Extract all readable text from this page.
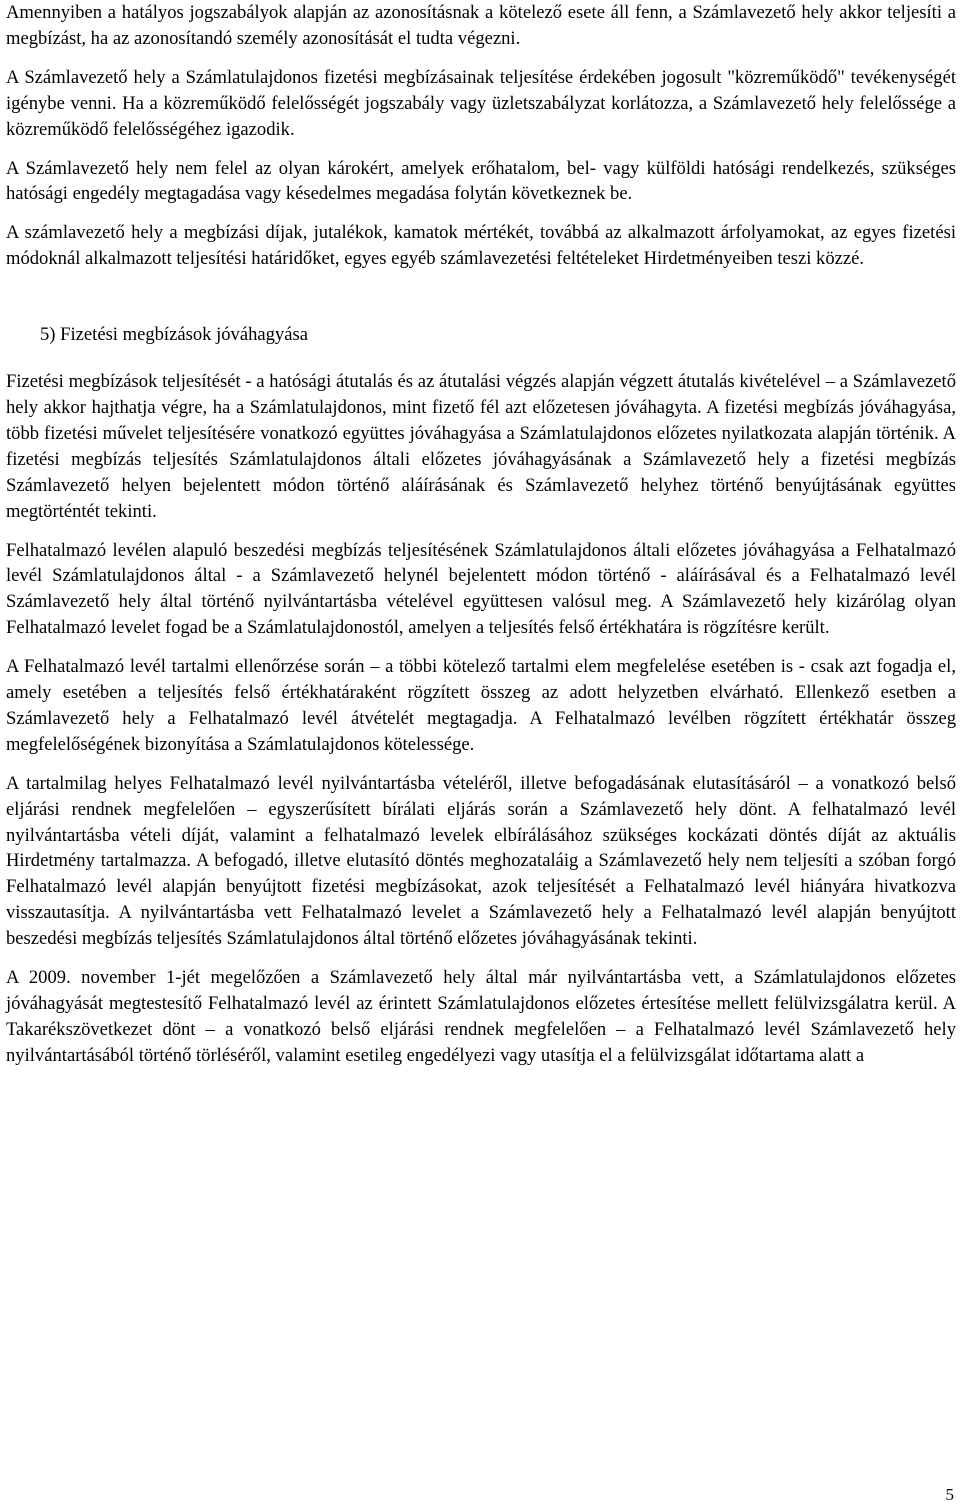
Amennyiben a hatályos jogszabályok alapján az azonosításnak a kötelező esete áll fenn, a Számlavezető hely akkor teljesíti a megbízást, ha az azonosítandó személy azonosítását el tudta végezni.

A Számlavezető hely a Számlatulajdonos fizetési megbízásainak teljesítése érdekében jogosult "közreműködő" tevékenységét igénybe venni. Ha a közreműködő felelősségét jogszabály vagy üzletszabályzat korlátozza, a Számlavezető hely felelőssége a közreműködő felelősségéhez igazodik.

A Számlavezető hely nem felel az olyan károkért, amelyek erőhatalom, bel- vagy külföldi hatósági rendelkezés, szükséges hatósági engedély megtagadása vagy késedelmes megadása folytán következnek be.

A számlavezető hely a megbízási díjak, jutalékok, kamatok mértékét, továbbá az alkalmazott árfolyamokat, az egyes fizetési módoknál alkalmazott teljesítési határidőket, egyes egyéb számlavezetési feltételeket Hirdetményeiben teszi közzé.

5) Fizetési megbízások jóváhagyása

Fizetési megbízások teljesítését - a hatósági átutalás és az átutalási végzés alapján végzett átutalás kivételével – a Számlavezető hely akkor hajthatja végre, ha a Számlatulajdonos, mint fizető fél azt előzetesen jóváhagyta. A fizetési megbízás jóváhagyása, több fizetési művelet teljesítésére vonatkozó együttes jóváhagyása a Számlatulajdonos előzetes nyilatkozata alapján történik. A fizetési megbízás teljesítés Számlatulajdonos általi előzetes jóváhagyásának a Számlavezető hely a fizetési megbízás Számlavezető helyen bejelentett módon történő aláírásának és Számlavezető helyhez történő benyújtásának együttes megtörténtét tekinti.

Felhatalmazó levélen alapuló beszedési megbízás teljesítésének Számlatulajdonos általi előzetes jóváhagyása a Felhatalmazó levél Számlatulajdonos által - a Számlavezető helynél bejelentett módon történő - aláírásával és a Felhatalmazó levél Számlavezető hely által történő nyilvántartásba vételével együttesen valósul meg. A Számlavezető hely kizárólag olyan Felhatalmazó levelet fogad be a Számlatulajdonostól, amelyen a teljesítés felső értékhatára is rögzítésre került.

A Felhatalmazó levél tartalmi ellenőrzése során – a többi kötelező tartalmi elem megfelelése esetében is - csak azt fogadja el, amely esetében a teljesítés felső értékhatáraként rögzített összeg az adott helyzetben elvárható. Ellenkező esetben a Számlavezető hely a Felhatalmazó levél átvételét megtagadja. A Felhatalmazó levélben rögzített értékhatár összeg megfelelőségének bizonyítása a Számlatulajdonos kötelessége.

A tartalmilag helyes Felhatalmazó levél nyilvántartásba vételéről, illetve befogadásának elutasításáról – a vonatkozó belső eljárási rendnek megfelelően – egyszerűsített bírálati eljárás során a Számlavezető hely dönt. A felhatalmazó levél nyilvántartásba vételi díját, valamint a felhatalmazó levelek elbírálásához szükséges kockázati döntés díját az aktuális Hirdetmény tartalmazza. A befogadó, illetve elutasító döntés meghozataláig a Számlavezető hely nem teljesíti a szóban forgó Felhatalmazó levél alapján benyújtott fizetési megbízásokat, azok teljesítését a Felhatalmazó levél hiányára hivatkozva visszautasítja. A nyilvántartásba vett Felhatalmazó levelet a Számlavezető hely a Felhatalmazó levél alapján benyújtott beszedési megbízás teljesítés Számlatulajdonos által történő előzetes jóváhagyásának tekinti.

A 2009. november 1-jét megelőzően a Számlavezető hely által már nyilvántartásba vett, a Számlatulajdonos előzetes jóváhagyását megtestesítő Felhatalmazó levél az érintett Számlatulajdonos előzetes értesítése mellett felülvizsgálatra kerül. A Takarékszövetkezet dönt – a vonatkozó belső eljárási rendnek megfelelően – a Felhatalmazó levél Számlavezető hely nyilvántartásából történő törléséről, valamint esetileg engedélyezi vagy utasítja el a felülvizsgálat időtartama alatt a

5
